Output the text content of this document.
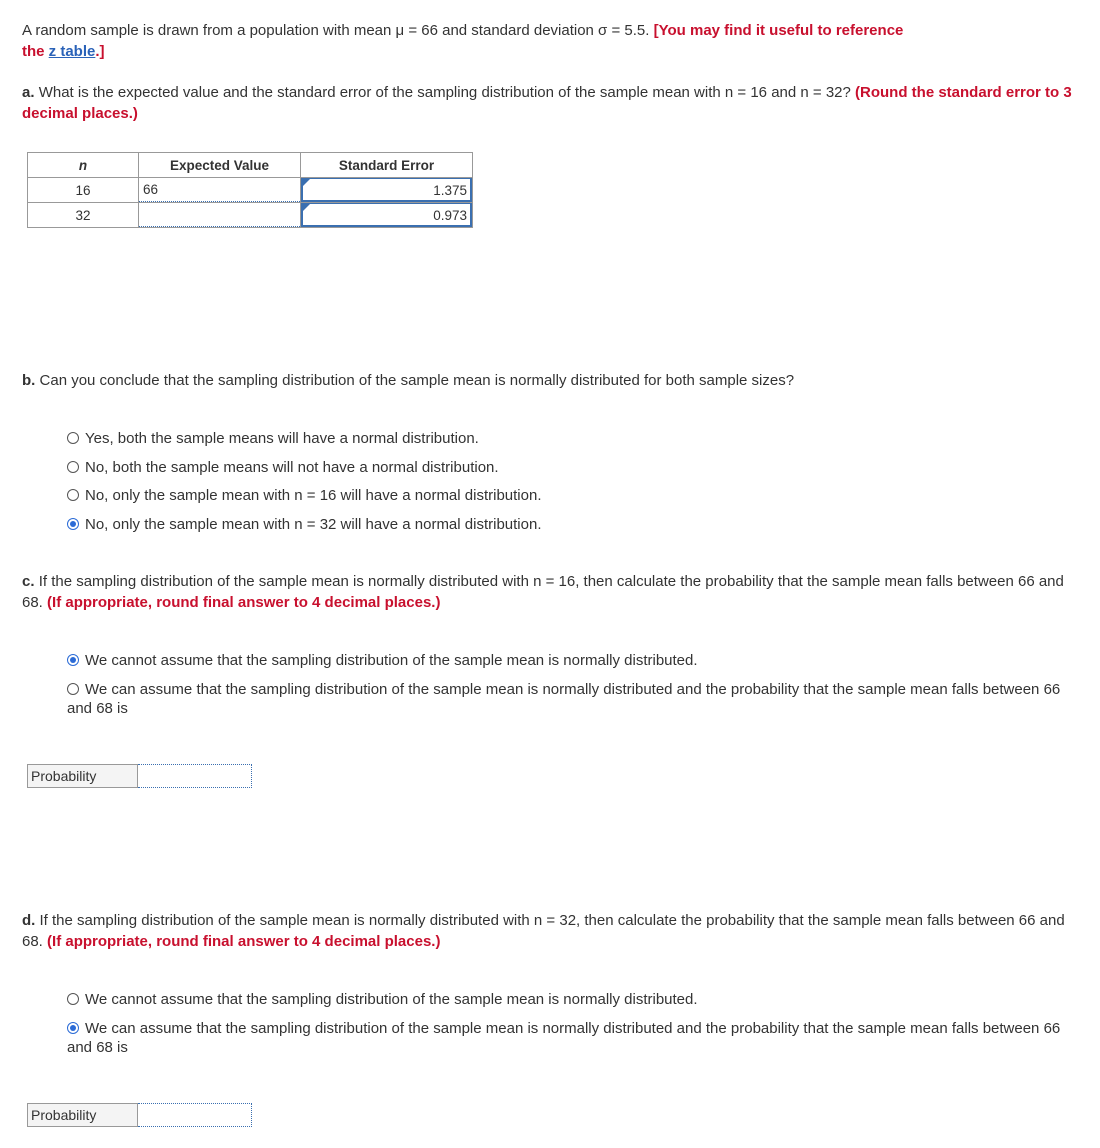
A random sample is drawn from a population with mean μ = 66 and standard deviation σ = 5.5. [You may find it useful to reference
the z table.]
a. What is the expected value and the standard error of the sampling distribution of the sample mean with n = 16 and n = 32? (Round the standard error to 3 decimal places.)
n	Expected Value	Standard Error
16	66	1.375

32		0.973
b. Can you conclude that the sampling distribution of the sample mean is normally distributed for both sample sizes?
Yes, both the sample means will have a normal distribution.
No, both the sample means will not have a normal distribution.
No, only the sample mean with n = 16 will have a normal distribution.
No, only the sample mean with n = 32 will have a normal distribution.
c. If the sampling distribution of the sample mean is normally distributed with n = 16, then calculate the probability that the sample mean falls between 66 and 68. (If appropriate, round final answer to 4 decimal places.)
We cannot assume that the sampling distribution of the sample mean is normally distributed.
We can assume that the sampling distribution of the sample mean is normally distributed and the probability that the sample mean falls between 66 and 68 is
Probability
d. If the sampling distribution of the sample mean is normally distributed with n = 32, then calculate the probability that the sample mean falls between 66 and 68. (If appropriate, round final answer to 4 decimal places.)
We cannot assume that the sampling distribution of the sample mean is normally distributed.
We can assume that the sampling distribution of the sample mean is normally distributed and the probability that the sample mean falls between 66 and 68 is
Probability
